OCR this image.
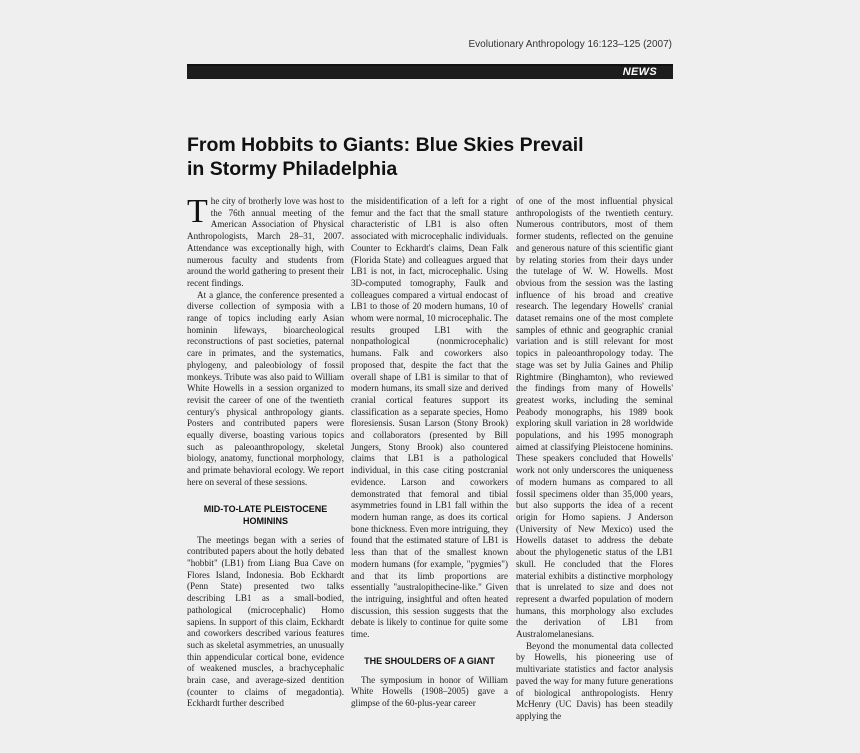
Evolutionary Anthropology 16:123–125 (2007)
NEWS
From Hobbits to Giants: Blue Skies Prevail
in Stormy Philadelphia

The city of brotherly love was host to the 76th annual meeting of the American Association of Physical Anthropologists, March 28–31, 2007. Attendance was exceptionally high, with numerous faculty and students from around the world gathering to present their recent findings.

At a glance, the conference presented a diverse collection of symposia with a range of topics including early Asian hominin lifeways, bioarcheological reconstructions of past societies, paternal care in primates, and the systematics, phylogeny, and paleobiology of fossil monkeys. Tribute was also paid to William White Howells in a session organized to revisit the career of one of the twentieth century's physical anthropology giants. Posters and contributed papers were equally diverse, boasting various topics such as paleoanthropology, skeletal biology, anatomy, functional morphology, and primate behavioral ecology. We report here on several of these sessions.

MID-TO-LATE PLEISTOCENE
HOMININS

The meetings began with a series of contributed papers about the hotly debated "hobbit" (LB1) from Liang Bua Cave on Flores Island, Indonesia. Bob Eckhardt (Penn State) presented two talks describing LB1 as a small-bodied, pathological (microcephalic) Homo sapiens. In support of this claim, Eckhardt and coworkers described various features such as skeletal asymmetries, an unusually thin appendicular cortical bone, evidence of weakened muscles, a brachycephalic brain case, and average-sized dentition (counter to claims of megadontia). Eckhardt further described

the misidentification of a left for a right femur and the fact that the small stature characteristic of LB1 is also often associated with microcephalic individuals. Counter to Eckhardt's claims, Dean Falk (Florida State) and colleagues argued that LB1 is not, in fact, microcephalic. Using 3D-computed tomography, Faulk and colleagues compared a virtual endocast of LB1 to those of 20 modern humans, 10 of whom were normal, 10 microcephalic. The results grouped LB1 with the nonpathological (nonmicrocephalic) humans. Falk and coworkers also proposed that, despite the fact that the overall shape of LB1 is similar to that of modern humans, its small size and derived cranial cortical features support its classification as a separate species, Homo floresiensis. Susan Larson (Stony Brook) and collaborators (presented by Bill Jungers, Stony Brook) also countered claims that LB1 is a pathological individual, in this case citing postcranial evidence. Larson and coworkers demonstrated that femoral and tibial asymmetries found in LB1 fall within the modern human range, as does its cortical bone thickness. Even more intriguing, they found that the estimated stature of LB1 is less than that of the smallest known modern humans (for example, "pygmies") and that its limb proportions are essentially "australopithecine-like." Given the intriguing, insightful and often heated discussion, this session suggests that the debate is likely to continue for quite some time.

THE SHOULDERS OF A GIANT

The symposium in honor of William White Howells (1908–2005) gave a glimpse of the 60-plus-year career

of one of the most influential physical anthropologists of the twentieth century. Numerous contributors, most of them former students, reflected on the genuine and generous nature of this scientific giant by relating stories from their days under the tutelage of W. W. Howells. Most obvious from the session was the lasting influence of his broad and creative research. The legendary Howells' cranial dataset remains one of the most complete samples of ethnic and geographic cranial variation and is still relevant for most topics in paleoanthropology today. The stage was set by Julia Gaines and Philip Rightmire (Binghamton), who reviewed the findings from many of Howells' greatest works, including the seminal Peabody monographs, his 1989 book exploring skull variation in 28 worldwide populations, and his 1995 monograph aimed at classifying Pleistocene hominins. These speakers concluded that Howells' work not only underscores the uniqueness of modern humans as compared to all fossil specimens older than 35,000 years, but also supports the idea of a recent origin for Homo sapiens. J Anderson (University of New Mexico) used the Howells dataset to address the debate about the phylogenetic status of the LB1 skull. He concluded that the Flores material exhibits a distinctive morphology that is unrelated to size and does not represent a dwarfed population of modern humans, this morphology also excludes the derivation of LB1 from Australomelanesians.

Beyond the monumental data collected by Howells, his pioneering use of multivariate statistics and factor analysis paved the way for many future generations of biological anthropologists. Henry McHenry (UC Davis) has been steadily applying the
